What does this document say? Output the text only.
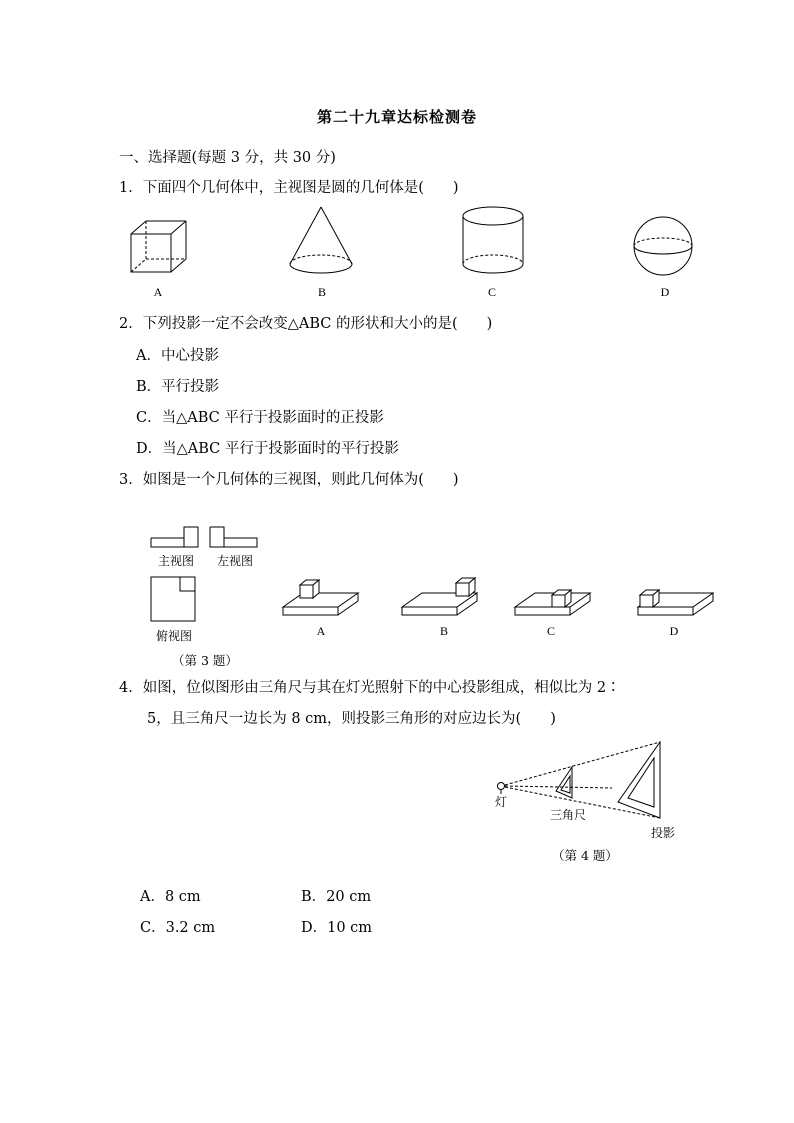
第二十九章达标检测卷
一、选择题(每题 3 分，共 30 分)
1．下面四个几何体中，主视图是圆的几何体是(　　)
A	B	C	D
2．下列投影一定不会改变△ABC 的形状和大小的是(　　)
A．中心投影
B．平行投影
C．当△ABC 平行于投影面时的正投影
D．当△ABC 平行于投影面时的平行投影
3．如图是一个几何体的三视图，则此几何体为(　　)
主视图	左视图
俯视图	A	B	C	D
（第 3 题）
4．如图，位似图形由三角尺与其在灯光照射下的中心投影组成，相似比为 2∶
5，且三角尺一边长为 8 cm，则投影三角形的对应边长为(　　)
灯
三角尺
投影
（第 4 题）
A．8 cm	B．20 cm
C．3.2 cm	D．10 cm
